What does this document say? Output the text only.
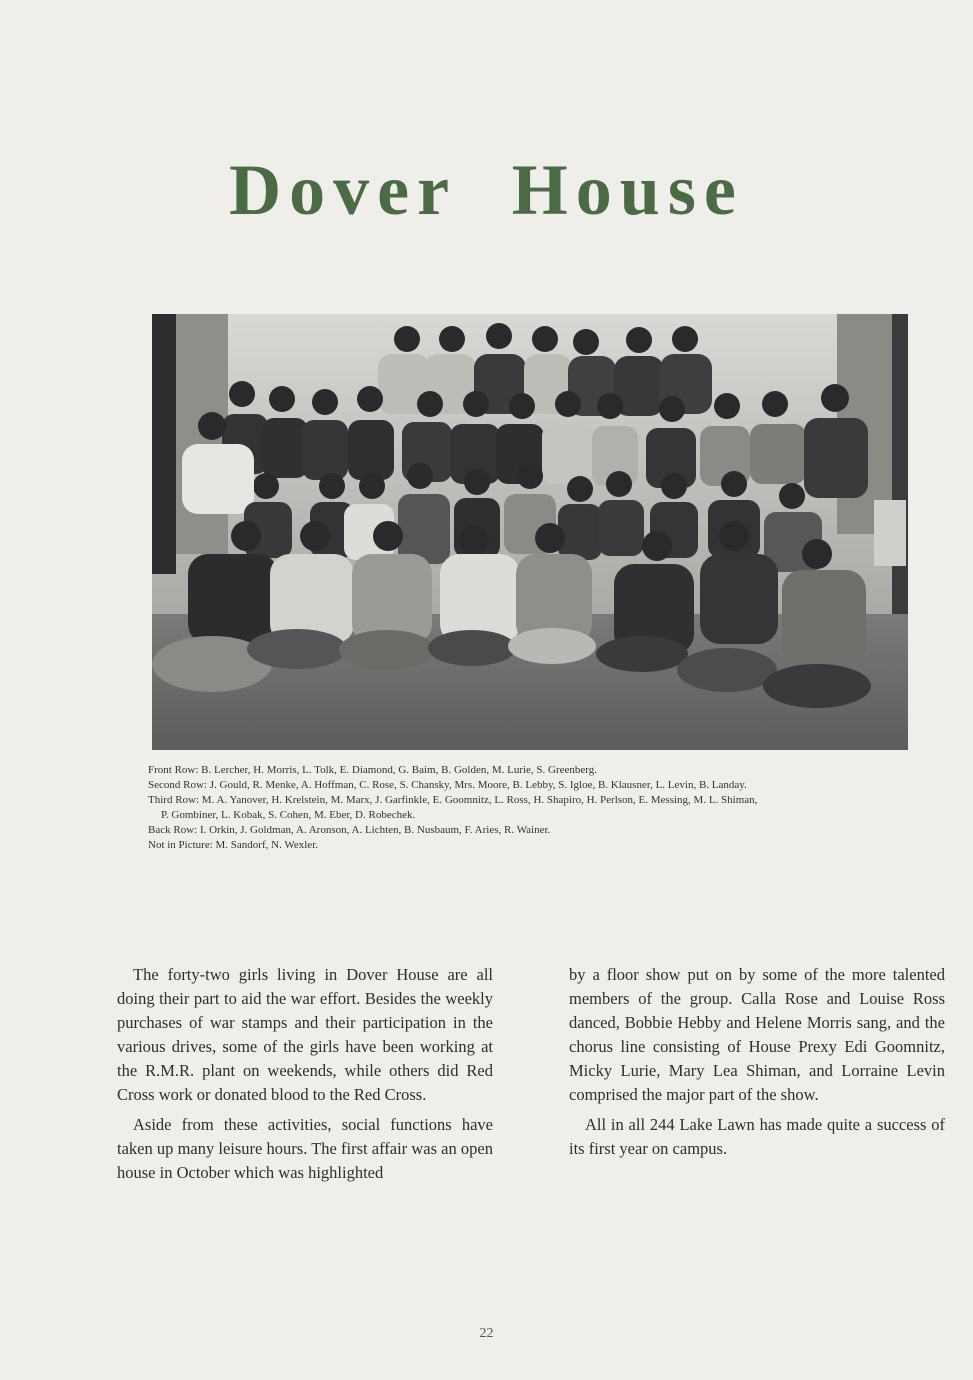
Dover House
Front Row: B. Lercher, H. Morris, L. Tolk, E. Diamond, G. Baim, B. Golden, M. Lurie, S. Greenberg.
Second Row: J. Gould, R. Menke, A. Hoffman, C. Rose, S. Chansky, Mrs. Moore, B. Lebby, S. Igloe, B. Klausner, L. Levin, B. Landay.
Third Row: M. A. Yanover, H. Krelstein, M. Marx, J. Garfinkle, E. Goomnitz, L. Ross, H. Shapiro, H. Perlson, E. Messing, M. L. Shiman,
P. Gombiner, L. Kobak, S. Cohen, M. Eber, D. Robechek.
Back Row: I. Orkin, J. Goldman, A. Aronson, A. Lichten, B. Nusbaum, F. Aries, R. Wainer.
Not in Picture: M. Sandorf, N. Wexler.

The forty-two girls living in Dover House are all doing their part to aid the war effort. Besides the weekly purchases of war stamps and their participation in the various drives, some of the girls have been working at the R.M.R. plant on weekends, while others did Red Cross work or donated blood to the Red Cross.

Aside from these activities, social functions have taken up many leisure hours. The first affair was an open house in October which was highlighted

by a floor show put on by some of the more talented members of the group. Calla Rose and Louise Ross danced, Bobbie Hebby and Helene Morris sang, and the chorus line consisting of House Prexy Edi Goomnitz, Micky Lurie, Mary Lea Shiman, and Lorraine Levin comprised the major part of the show.

All in all 244 Lake Lawn has made quite a success of its first year on campus.

22
